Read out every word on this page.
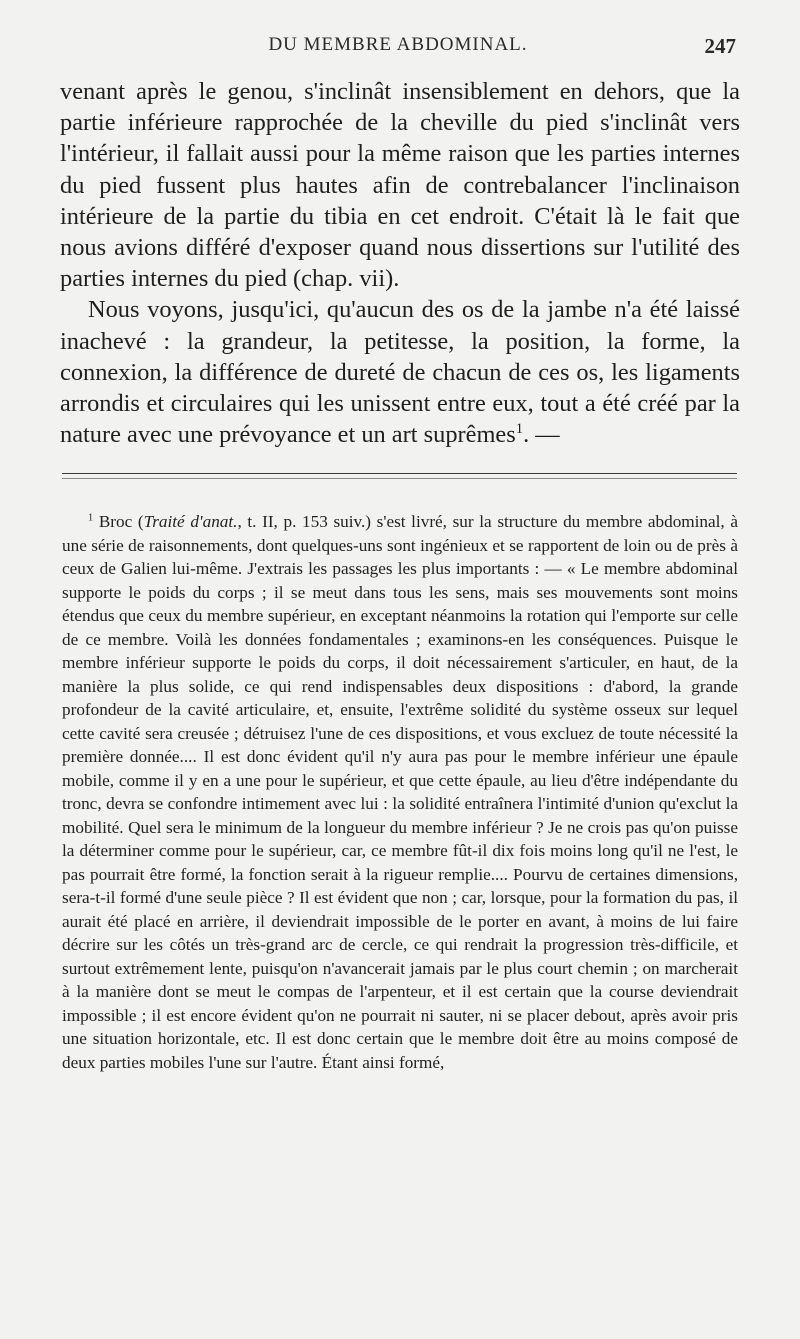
DU MEMBRE ABDOMINAL.	247

venant après le genou, s'inclinât insensiblement en dehors, que la partie inférieure rapprochée de la cheville du pied s'inclinât vers l'intérieur, il fallait aussi pour la même raison que les parties internes du pied fussent plus hautes afin de contrebalancer l'inclinaison intérieure de la partie du tibia en cet endroit. C'était là le fait que nous avions différé d'exposer quand nous dissertions sur l'utilité des parties internes du pied (chap. vii).

Nous voyons, jusqu'ici, qu'aucun des os de la jambe n'a été laissé inachevé : la grandeur, la petitesse, la position, la forme, la connexion, la différence de dureté de chacun de ces os, les ligaments arrondis et circulaires qui les unissent entre eux, tout a été créé par la nature avec une prévoyance et un art suprêmes$^1$. —

$^1$ Broc (Traité d'anat., t. II, p. 153 suiv.) s'est livré, sur la structure du membre abdominal, à une série de raisonnements, dont quelques-uns sont ingénieux et se rapportent de loin ou de près à ceux de Galien lui-même. J'extrais les passages les plus importants : — « Le membre abdominal supporte le poids du corps ; il se meut dans tous les sens, mais ses mouvements sont moins étendus que ceux du membre supérieur, en exceptant néanmoins la rotation qui l'emporte sur celle de ce membre. Voilà les données fondamentales ; examinons-en les conséquences. Puisque le membre inférieur supporte le poids du corps, il doit nécessairement s'articuler, en haut, de la manière la plus solide, ce qui rend indispensables deux dispositions : d'abord, la grande profondeur de la cavité articulaire, et, ensuite, l'extrême solidité du système osseux sur lequel cette cavité sera creusée ; détruisez l'une de ces dispositions, et vous excluez de toute nécessité la première donnée.... Il est donc évident qu'il n'y aura pas pour le membre inférieur une épaule mobile, comme il y en a une pour le supérieur, et que cette épaule, au lieu d'être indépendante du tronc, devra se confondre intimement avec lui : la solidité entraînera l'intimité d'union qu'exclut la mobilité. Quel sera le minimum de la longueur du membre inférieur ? Je ne crois pas qu'on puisse la déterminer comme pour le supérieur, car, ce membre fût-il dix fois moins long qu'il ne l'est, le pas pourrait être formé, la fonction serait à la rigueur remplie.... Pourvu de certaines dimensions, sera-t-il formé d'une seule pièce ? Il est évident que non ; car, lorsque, pour la formation du pas, il aurait été placé en arrière, il deviendrait impossible de le porter en avant, à moins de lui faire décrire sur les côtés un très-grand arc de cercle, ce qui rendrait la progression très-difficile, et surtout extrêmement lente, puisqu'on n'avancerait jamais par le plus court chemin ; on marcherait à la manière dont se meut le compas de l'arpenteur, et il est certain que la course deviendrait impossible ; il est encore évident qu'on ne pourrait ni sauter, ni se placer debout, après avoir pris une situation horizontale, etc. Il est donc certain que le membre doit être au moins composé de deux parties mobiles l'une sur l'autre. Étant ainsi formé,
